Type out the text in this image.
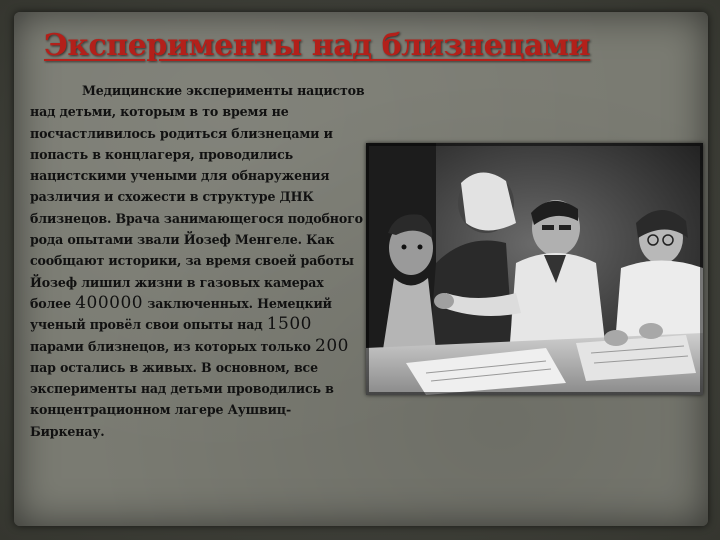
Эксперименты над близнецами
Медицинские эксперименты нацистов над детьми, которым в то время не посчастливилось родиться близнецами и попасть в концлагеря, проводились нацистскими учеными для обнаружения различия и схожести в структуре ДНК близнецов. Врача занимающегося подобного рода опытами звали Йозеф Менгеле. Как сообщают историки, за время своей работы Йозеф лишил жизни в газовых камерах более 400000 заключенных. Немецкий ученый провёл свои опыты над 1500 парами близнецов, из которых только 200 пар остались в живых. В основном, все эксперименты над детьми проводились в концентрационном лагере Аушвиц-Биркенау.
